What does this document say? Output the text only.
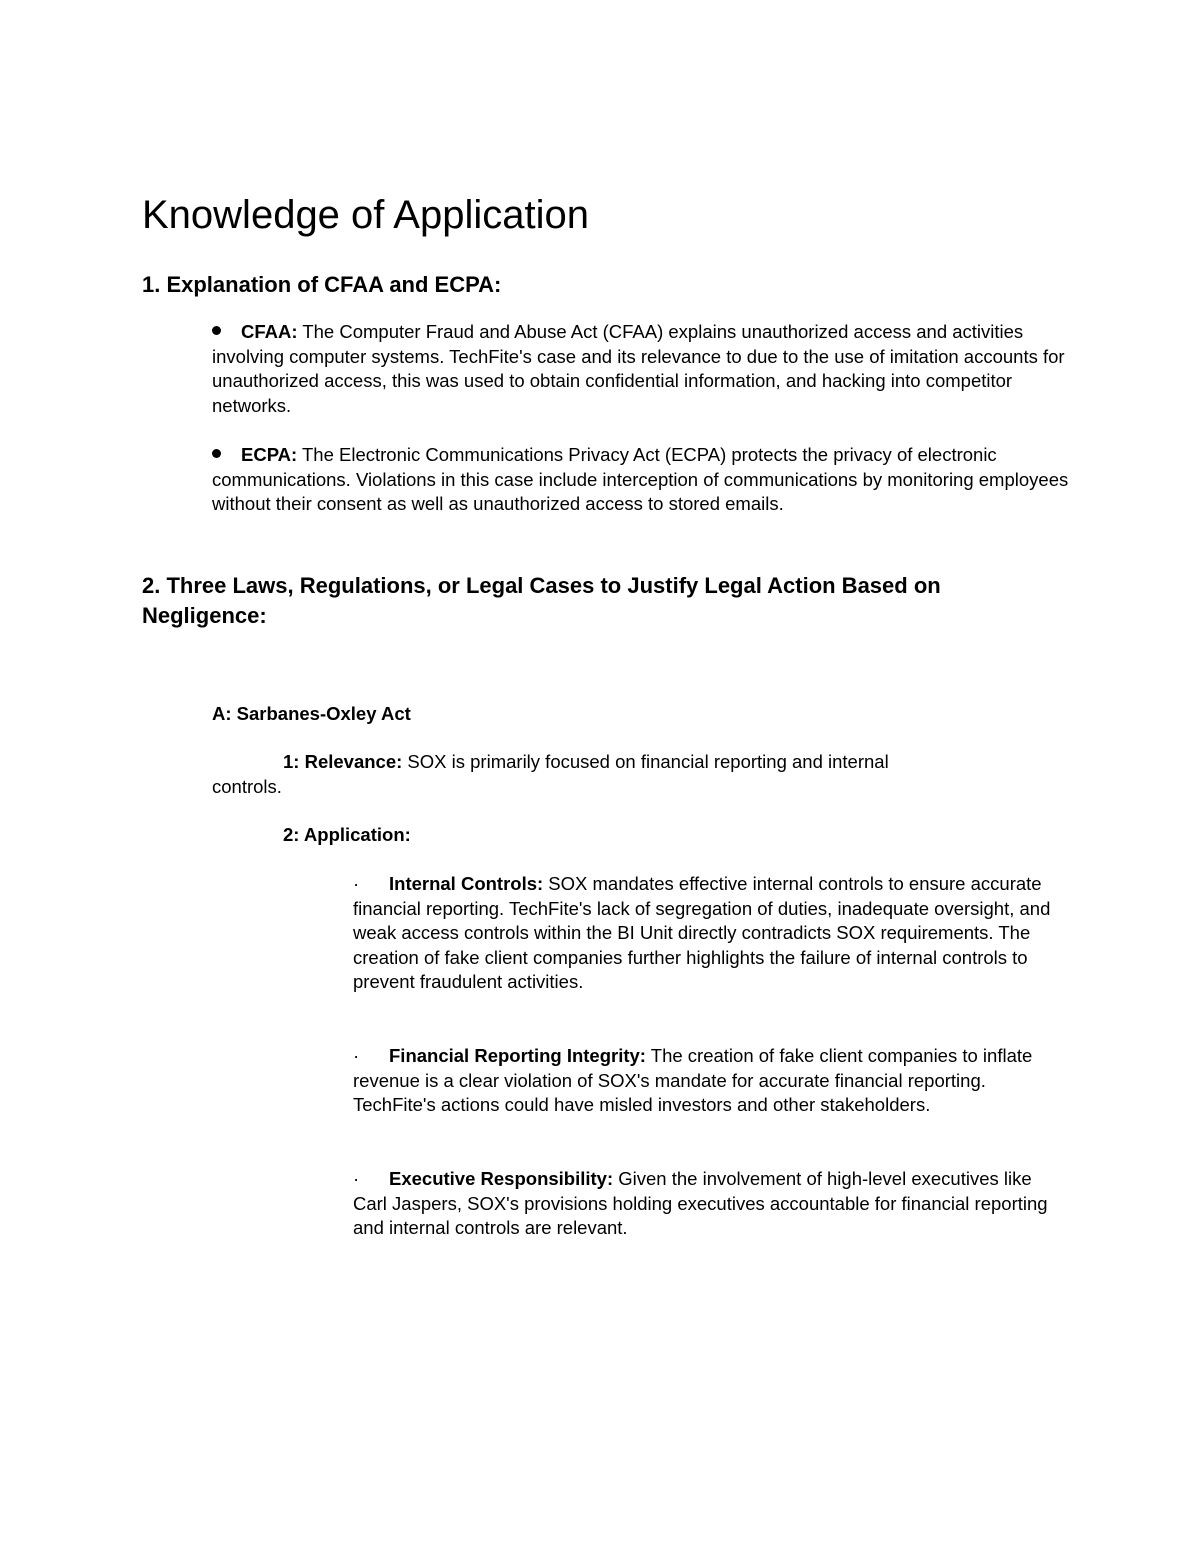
Knowledge of Application
1. Explanation of CFAA and ECPA:

CFAA: The Computer Fraud and Abuse Act (CFAA) explains unauthorized access and activities involving computer systems. TechFite's case and its relevance to due to the use of imitation accounts for unauthorized access, this was used to obtain confidential information, and hacking into competitor networks.

ECPA: The Electronic Communications Privacy Act (ECPA) protects the privacy of electronic communications. Violations in this case include interception of communications by monitoring employees without their consent as well as unauthorized access to stored emails.

2. Three Laws, Regulations, or Legal Cases to Justify Legal Action Based on Negligence:

A: Sarbanes-Oxley Act

1: Relevance: SOX is primarily focused on financial reporting and internal

controls.

2: Application:

· Internal Controls: SOX mandates effective internal controls to ensure accurate financial reporting. TechFite's lack of segregation of duties, inadequate oversight, and weak access controls within the BI Unit directly contradicts SOX requirements. The creation of fake client companies further highlights the failure of internal controls to prevent fraudulent activities.

· Financial Reporting Integrity: The creation of fake client companies to inflate revenue is a clear violation of SOX's mandate for accurate financial reporting. TechFite's actions could have misled investors and other stakeholders.

· Executive Responsibility: Given the involvement of high-level executives like Carl Jaspers, SOX's provisions holding executives accountable for financial reporting and internal controls are relevant.
